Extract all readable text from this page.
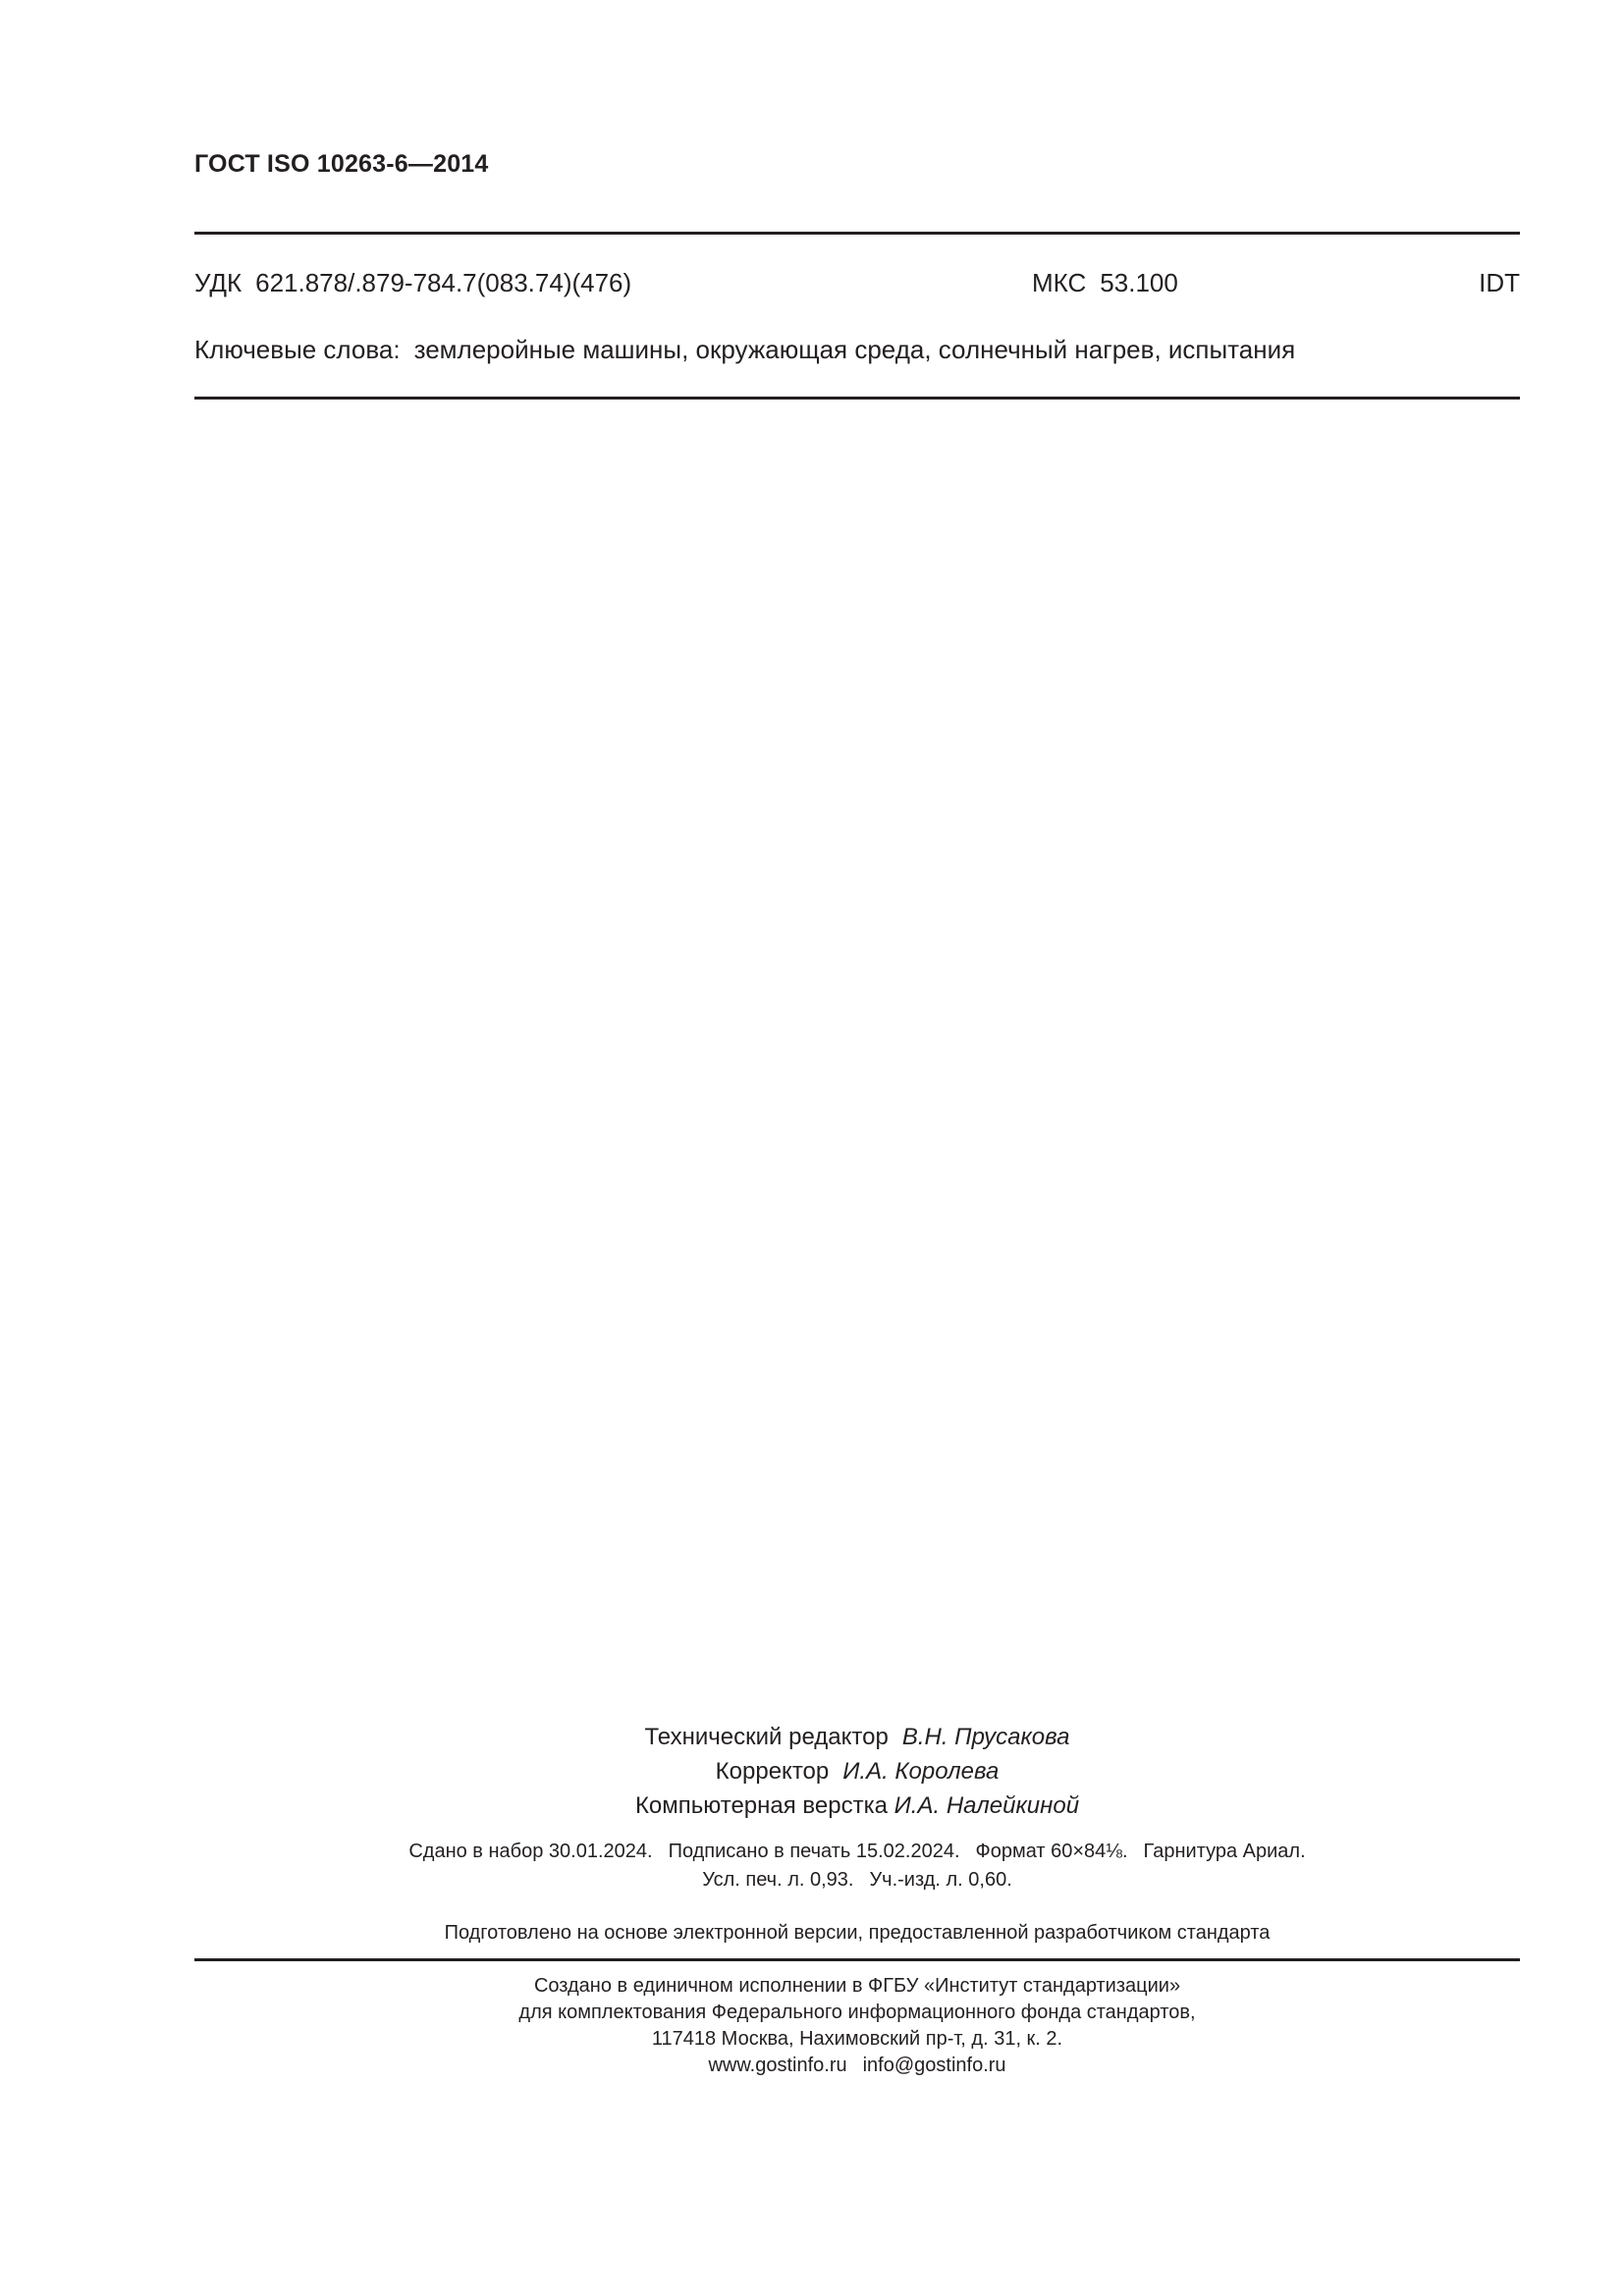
ГОСТ ISO 10263-6—2014
УДК 621.878/.879-784.7(083.74)(476)	МКС 53.100	IDT
Ключевые слова: землеройные машины, окружающая среда, солнечный нагрев, испытания
Технический редактор В.Н. Прусакова
Корректор И.А. Королева
Компьютерная верстка И.А. Налейкиной
Сдано в набор 30.01.2024. Подписано в печать 15.02.2024. Формат 60×84⅛. Гарнитура Ариал.
Усл. печ. л. 0,93. Уч.-изд. л. 0,60.
Подготовлено на основе электронной версии, предоставленной разработчиком стандарта
Создано в единичном исполнении в ФГБУ «Институт стандартизации»
для комплектования Федерального информационного фонда стандартов,
117418 Москва, Нахимовский пр-т, д. 31, к. 2.
www.gostinfo.ru info@gostinfo.ru
